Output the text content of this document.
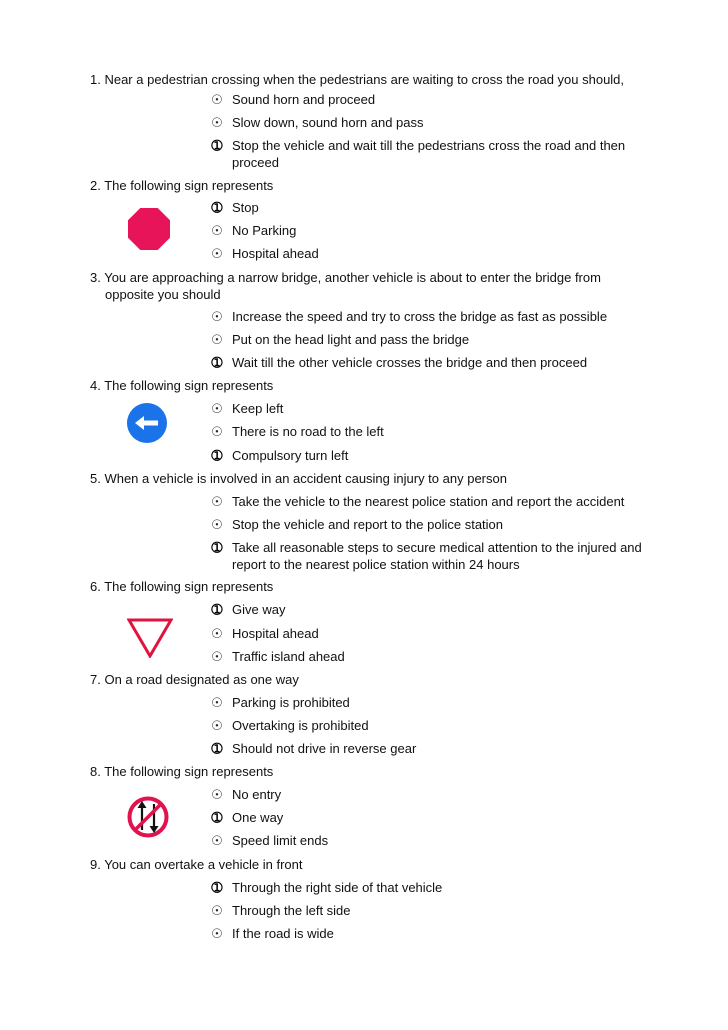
1. Near a pedestrian crossing when the pedestrians are waiting to cross the road you should,
☉
Sound horn and proceed
☉
Slow down, sound horn and pass
➀
Stop the vehicle and wait till the pedestrians cross the road and then proceed
2. The following sign represents
➀
Stop
☉
No Parking
☉
Hospital ahead
3. You are approaching a narrow bridge, another vehicle is about to enter the bridge from
opposite you should
☉
Increase the speed and try to cross the bridge as fast as possible
☉
Put on the head light and pass the bridge
➀
Wait till the other vehicle crosses the bridge and then proceed
4. The following sign represents
☉
Keep left
☉
There is no road to the left
➀
Compulsory turn left
5. When a vehicle is involved in an accident causing injury to any person
☉
Take the vehicle to the nearest police station and report the accident
☉
Stop the vehicle and report to the police station
➀
Take all reasonable steps to secure medical attention to the injured and report to the nearest police station within 24 hours
6. The following sign represents
➀
Give way
☉
Hospital ahead
☉
Traffic island ahead
7. On a road designated as one way
☉
Parking is prohibited
☉
Overtaking is prohibited
➀
Should not drive in reverse gear
8. The following sign represents
☉
No entry
➀
One way
☉
Speed limit ends
9. You can overtake a vehicle in front
➀
Through the right side of that vehicle
☉
Through the left side
☉
If the road is wide
